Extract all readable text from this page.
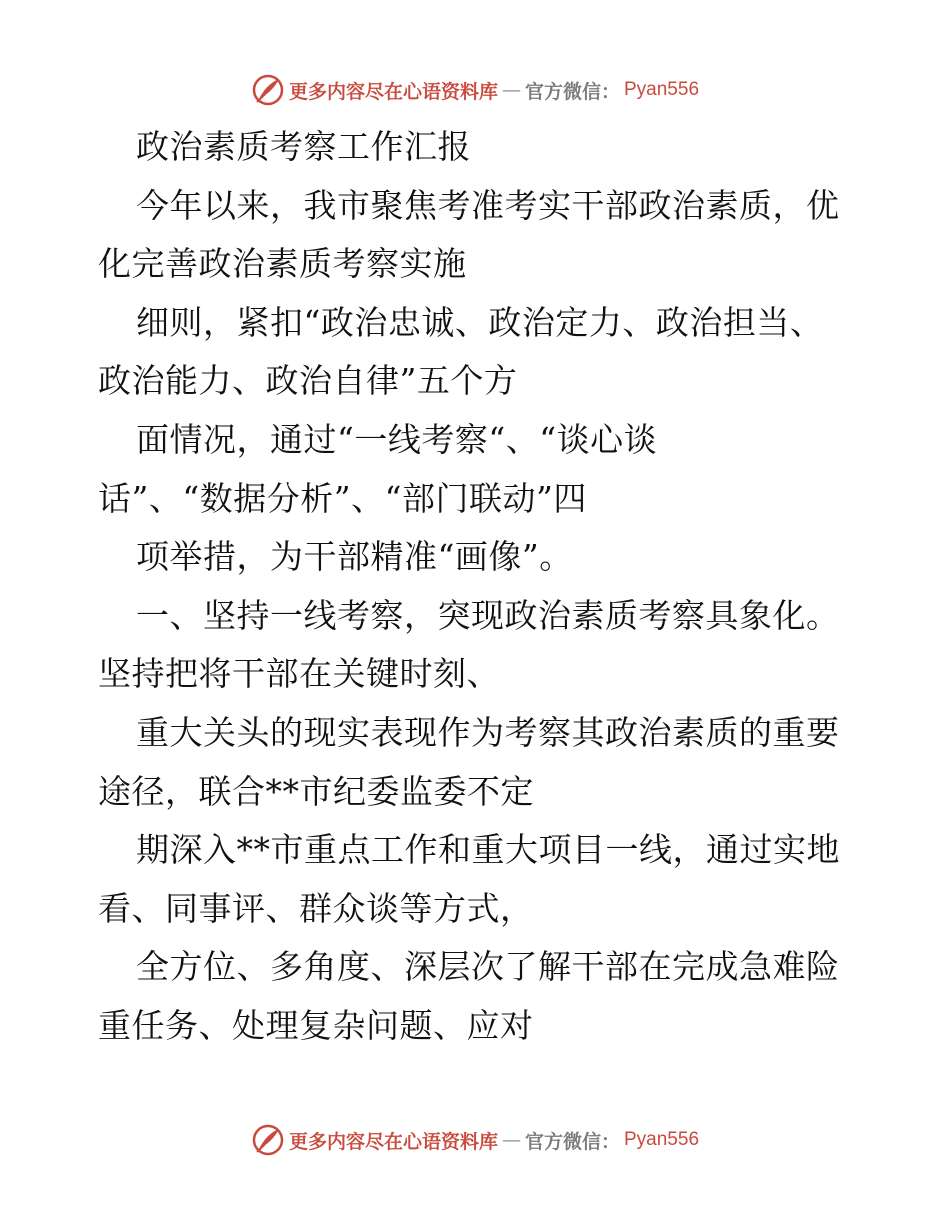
更多内容尽在心语资料库 — 官方微信： Pyan556
政治素质考察工作汇报
今年以来，我市聚焦考准考实干部政治素质，优
化完善政治素质考察实施
细则，紧扣“政治忠诚、政治定力、政治担当、
政治能力、政治自律”五个方
面情况，通过“一线考察“、“谈心谈
话”、“数据分析”、“部门联动”四
项举措，为干部精准“画像”。
一、坚持一线考察，突现政治素质考察具象化。
坚持把将干部在关键时刻、
重大关头的现实表现作为考察其政治素质的重要
途径，联合**市纪委监委不定
期深入**市重点工作和重大项目一线，通过实地
看、同事评、群众谈等方式，
全方位、多角度、深层次了解干部在完成急难险
重任务、处理复杂问题、应对
更多内容尽在心语资料库 — 官方微信： Pyan556
